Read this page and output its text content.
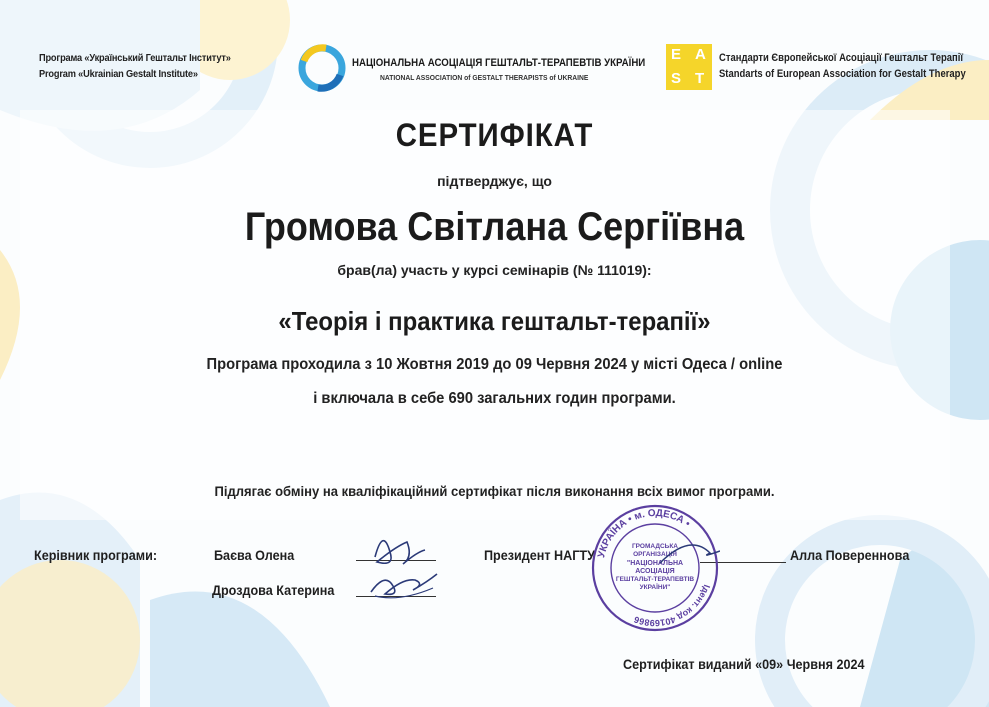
Програма «Український Гештальт Інститут»
Program «Ukrainian Gestalt Institute»
НАЦІОНАЛЬНА АСОЦІАЦІЯ ГЕШТАЛЬТ-ТЕРАПЕВТІВ УКРАЇНИ
NATIONAL ASSOCIATION of GESTALT THERAPISTS of UKRAINE
E A
S T
Стандарти Європейської Асоціації Гештальт Терапії
Standarts of European Association for Gestalt Therapy
СЕРТИФІКАТ
підтверджує, що
Громова Світлана Сергіївна
брав(ла) участь у курсі семінарів (№ 111019):
«Теорія і практика гештальт-терапії»
Програма проходила з 10 Жовтня 2019 до 09 Червня 2024 у місті Одеса / online
і включала в себе 690 загальних годин програми.
Підлягає обміну на кваліфікаційний сертифікат після виконання всіх вимог програми.
Керівник програми:	Баєва Олена
Дроздова Катерина
Президент НАГТУ	Алла Поверенновa
УКРАЇНА • м. ОДЕСА •
Ідент. код 40169866
ГРОМАДСЬКА
ОРГАНІЗАЦІЯ
"НАЦІОНАЛЬНА
АСОЦІАЦІЯ
ГЕШТАЛЬТ-ТЕРАПЕВТІВ
УКРАЇНИ"
Сертифікат виданий «09» Червня 2024
